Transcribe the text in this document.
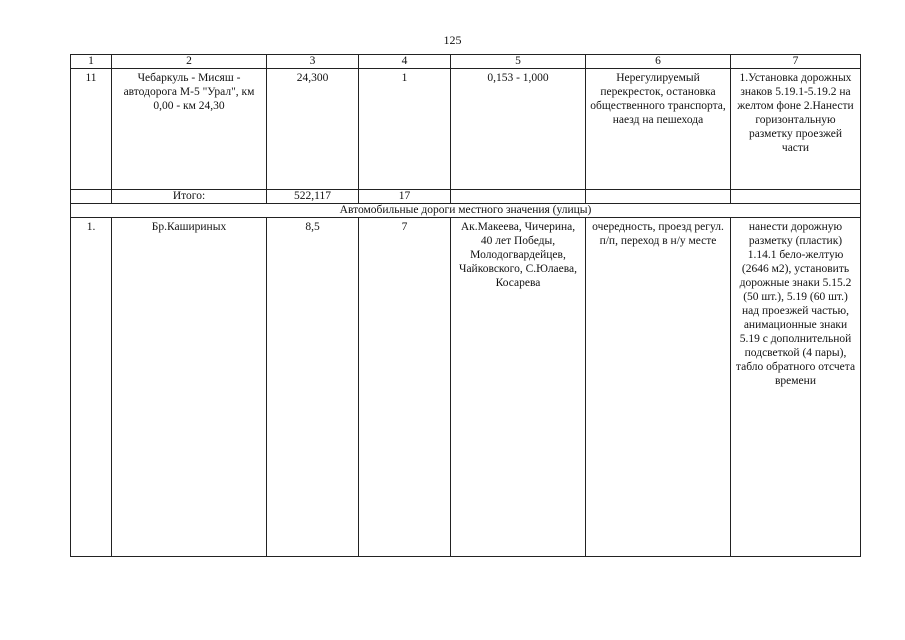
125
1	2	3	4	5	6	7
11	Чебаркуль - Мисяш - автодорога М-5 "Урал", км 0,00 - км 24,30	24,300	1	0,153 - 1,000	Нерегулируемый перекресток, остановка общественного транспорта, наезд на пешехода	1.Установка дорожных знаков 5.19.1-5.19.2 на желтом фоне 2.Нанести горизонтальную разметку проезжей части
	Итого:	522,117	17			
Автомобильные дороги местного значения (улицы)						
1.	Бр.Кашириных	8,5	7	Ак.Макеева, Чичерина, 40 лет Победы, Молодогвардейцев, Чайковского, С.Юлаева, Косарева	очередность, проезд регул. п/п, переход в н/у месте	нанести дорожную разметку (пластик) 1.14.1 бело-желтую (2646 м2), установить дорожные знаки 5.15.2 (50 шт.), 5.19 (60 шт.) над проезжей частью, анимационные знаки 5.19 с дополнительной подсветкой (4 пары), табло обратного отсчета времени
